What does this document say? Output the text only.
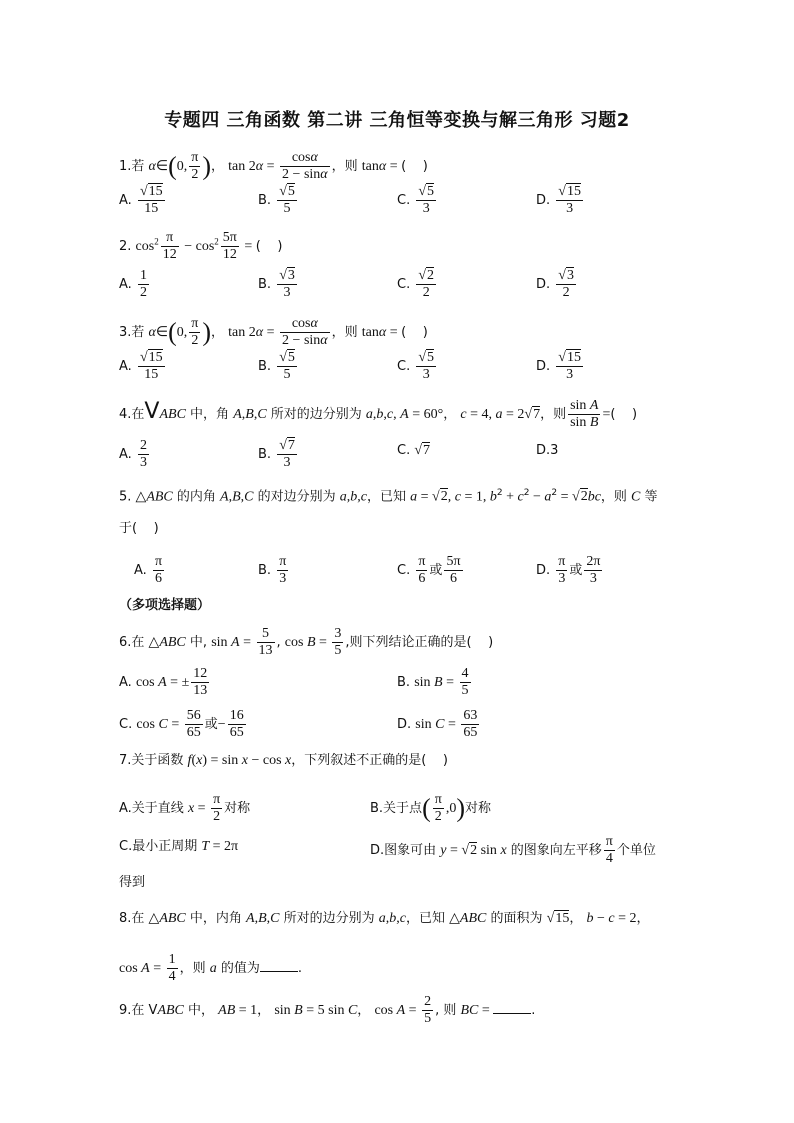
专题四 三角函数 第二讲 三角恒等变换与解三角形 习题2
1.若 α∈(0, $\frac{\pi}{2}$ )， $\tan 2\alpha = \frac{\cos\alpha}{2 - \sin\alpha}$ ，则 tanα = (    )
A. $\frac{√15}{15}$	B. $\frac{√5}{5}$	C. $\frac{√5}{3}$	D. $\frac{√15}{3}$
2. $\cos^2 \frac{\pi}{12} - \cos^2 \frac{5\pi}{12}$ = (    )
A. $\frac{1}{2}$	B. $\frac{√3}{3}$	C. $\frac{√2}{2}$	D. $\frac{√3}{2}$
3.若 α∈(0, $\frac{\pi}{2}$ )， $\tan 2\alpha = \frac{\cos\alpha}{2 - \sin\alpha}$ ，则 tanα = (    )
A. $\frac{√15}{15}$	B. $\frac{√5}{5}$	C. $\frac{√5}{3}$	D. $\frac{√15}{3}$
4.在VABC 中，角 A,B,C 所对的边分别为 a,b,c, A = 60°， c = 4, a = 2√7，则 $\frac{\text{sin A}}{\text{sin B}}$ =(    )
A. $\frac{2}{3}$	B. $\frac{√7}{3}$	C. √7	D.3
5. △ABC 的内角 A,B,C 的对边分别为 a,b,c，已知 a = √2, c = 1, $b^2 + c^2 - a^2 = √2bc$，则 C 等
于(    )
A. $\frac{\pi}{6}$	B. $\frac{\pi}{3}$	C. $\frac{\pi}{6}$ 或 $\frac{5\pi}{6}$	D. $\frac{\pi}{3}$ 或 $\frac{2\pi}{3}$
（多项选择题）
6.在 △ABC 中, $\sin A = \frac{5}{13}$ , $\cos B = \frac{3}{5}$ ,则下列结论正确的是(    )
A. cos A = ± $\frac{12}{13}$	B. $\sin B = \frac{4}{5}$
C. $\cos C = \frac{56}{65}$ 或− $\frac{16}{65}$	D. $\sin C = \frac{63}{65}$
7.关于函数 f(x) = sin x − cos x，下列叙述不正确的是(    )
A.关于直线 $x = \frac{\pi}{2}$ 对称	B.关于点( $\frac{\pi}{2} ,0$)对称
C.最小正周期 T = 2π	D.图象可由 y = √2 sin x 的图象向左平移 $\frac{\pi}{4}$ 个单位
得到
8.在 △ABC 中，内角 A,B,C 所对的边分别为 a,b,c，已知 △ABC 的面积为 √15， b − c = 2，
$\cos A = \frac{1}{4}$ ，则 a 的值为	.
9.在 VABC 中， AB = 1， sin B = 5 sin C， $\cos A = \frac{2}{5}$ , 则 BC =	.
